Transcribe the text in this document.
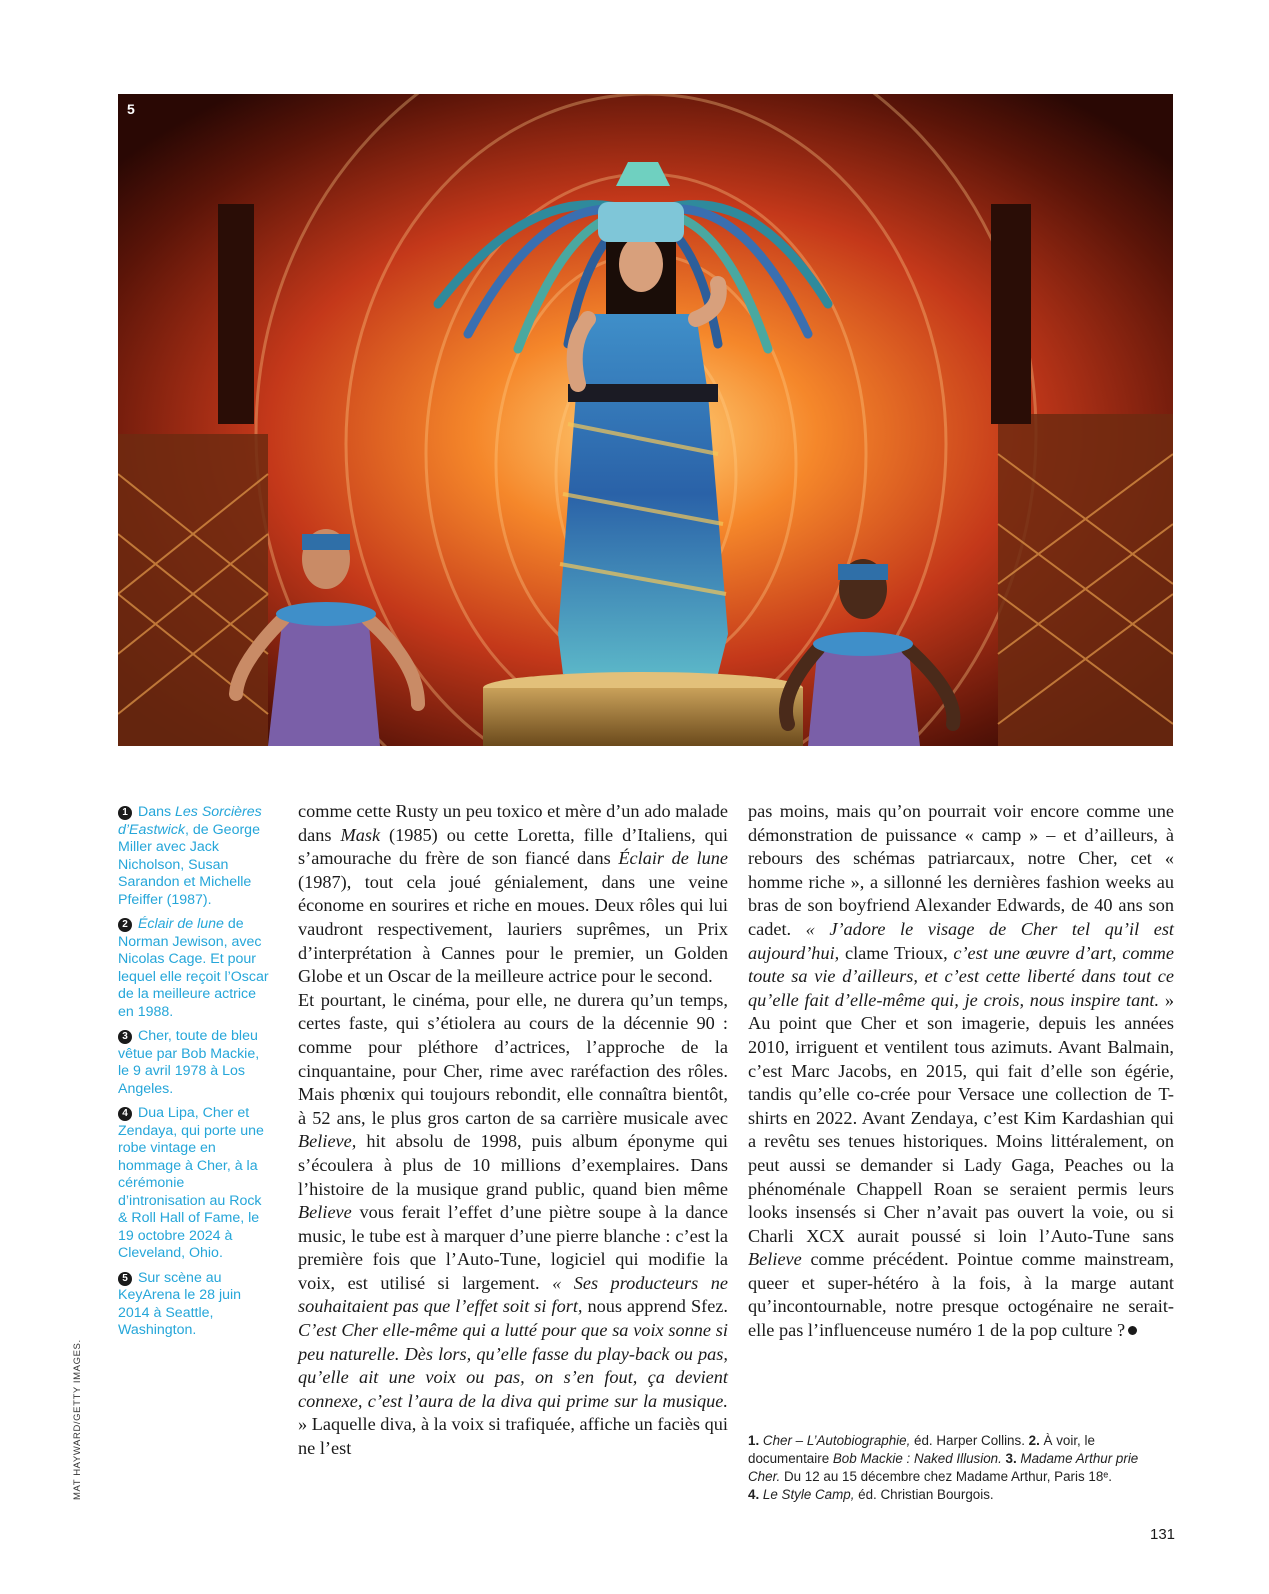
5

1 Dans Les Sorcières d’Eastwick, de George Miller avec Jack Nicholson, Susan Sarandon et Michelle Pfeiffer (1987).

2 Éclair de lune de Norman Jewison, avec Nicolas Cage. Et pour lequel elle reçoit l’Oscar de la meilleure actrice en 1988.

3 Cher, toute de bleu vêtue par Bob Mackie, le 9 avril 1978 à Los Angeles.

4 Dua Lipa, Cher et Zendaya, qui porte une robe vintage en hommage à Cher, à la cérémonie d’intronisation au Rock & Roll Hall of Fame, le 19 octobre 2024 à Cleveland, Ohio.

5 Sur scène au KeyArena le 28 juin 2014 à Seattle, Washington.

MAT HAYWARD/GETTY IMAGES.

comme cette Rusty un peu toxico et mère d’un ado malade dans Mask (1985) ou cette Loretta, fille d’Italiens, qui s’amourache du frère de son fiancé dans Éclair de lune (1987), tout cela joué génialement, dans une veine économe en sourires et riche en moues. Deux rôles qui lui vaudront respectivement, lauriers suprêmes, un Prix d’interprétation à Cannes pour le premier, un Golden Globe et un Oscar de la meilleure actrice pour le second.

Et pourtant, le cinéma, pour elle, ne durera qu’un temps, certes faste, qui s’étiolera au cours de la décennie 90 : comme pour pléthore d’actrices, l’approche de la cinquantaine, pour Cher, rime avec raréfaction des rôles. Mais phœnix qui toujours rebondit, elle connaîtra bientôt, à 52 ans, le plus gros carton de sa carrière musicale avec Believe, hit absolu de 1998, puis album éponyme qui s’écoulera à plus de 10 millions d’exemplaires. Dans l’histoire de la musique grand public, quand bien même Believe vous ferait l’effet d’une piètre soupe à la dance music, le tube est à marquer d’une pierre blanche : c’est la première fois que l’Auto-Tune, logiciel qui modifie la voix, est utilisé si largement. « Ses producteurs ne souhaitaient pas que l’effet soit si fort, nous apprend Sfez. C’est Cher elle-même qui a lutté pour que sa voix sonne si peu naturelle. Dès lors, qu’elle fasse du play-back ou pas, qu’elle ait une voix ou pas, on s’en fout, ça devient connexe, c’est l’aura de la diva qui prime sur la musique. » Laquelle diva, à la voix si trafiquée, affiche un faciès qui ne l’est

pas moins, mais qu’on pourrait voir encore comme une démonstration de puissance « camp » – et d’ailleurs, à rebours des schémas patriarcaux, notre Cher, cet « homme riche », a sillonné les dernières fashion weeks au bras de son boyfriend Alexander Edwards, de 40 ans son cadet. « J’adore le visage de Cher tel qu’il est aujourd’hui, clame Trioux, c’est une œuvre d’art, comme toute sa vie d’ailleurs, et c’est cette liberté dans tout ce qu’elle fait d’elle-même qui, je crois, nous inspire tant. » Au point que Cher et son imagerie, depuis les années 2010, irriguent et ventilent tous azimuts. Avant Balmain, c’est Marc Jacobs, en 2015, qui fait d’elle son égérie, tandis qu’elle co-crée pour Versace une collection de T-shirts en 2022. Avant Zendaya, c’est Kim Kardashian qui a revêtu ses tenues historiques. Moins littéralement, on peut aussi se demander si Lady Gaga, Peaches ou la phénoménale Chappell Roan se seraient permis leurs looks insensés si Cher n’avait pas ouvert la voie, ou si Charli XCX aurait poussé si loin l’Auto-Tune sans Believe comme précédent. Pointue comme mainstream, queer et super-hétéro à la fois, à la marge autant qu’incontournable, notre presque octogénaire ne serait-elle pas l’influenceuse numéro 1 de la pop culture ?

1. Cher – L’Autobiographie, éd. Harper Collins. 2. À voir, le documentaire Bob Mackie : Naked Illusion. 3. Madame Arthur prie Cher. Du 12 au 15 décembre chez Madame Arthur, Paris 18ᵉ.
4. Le Style Camp, éd. Christian Bourgois.
131
